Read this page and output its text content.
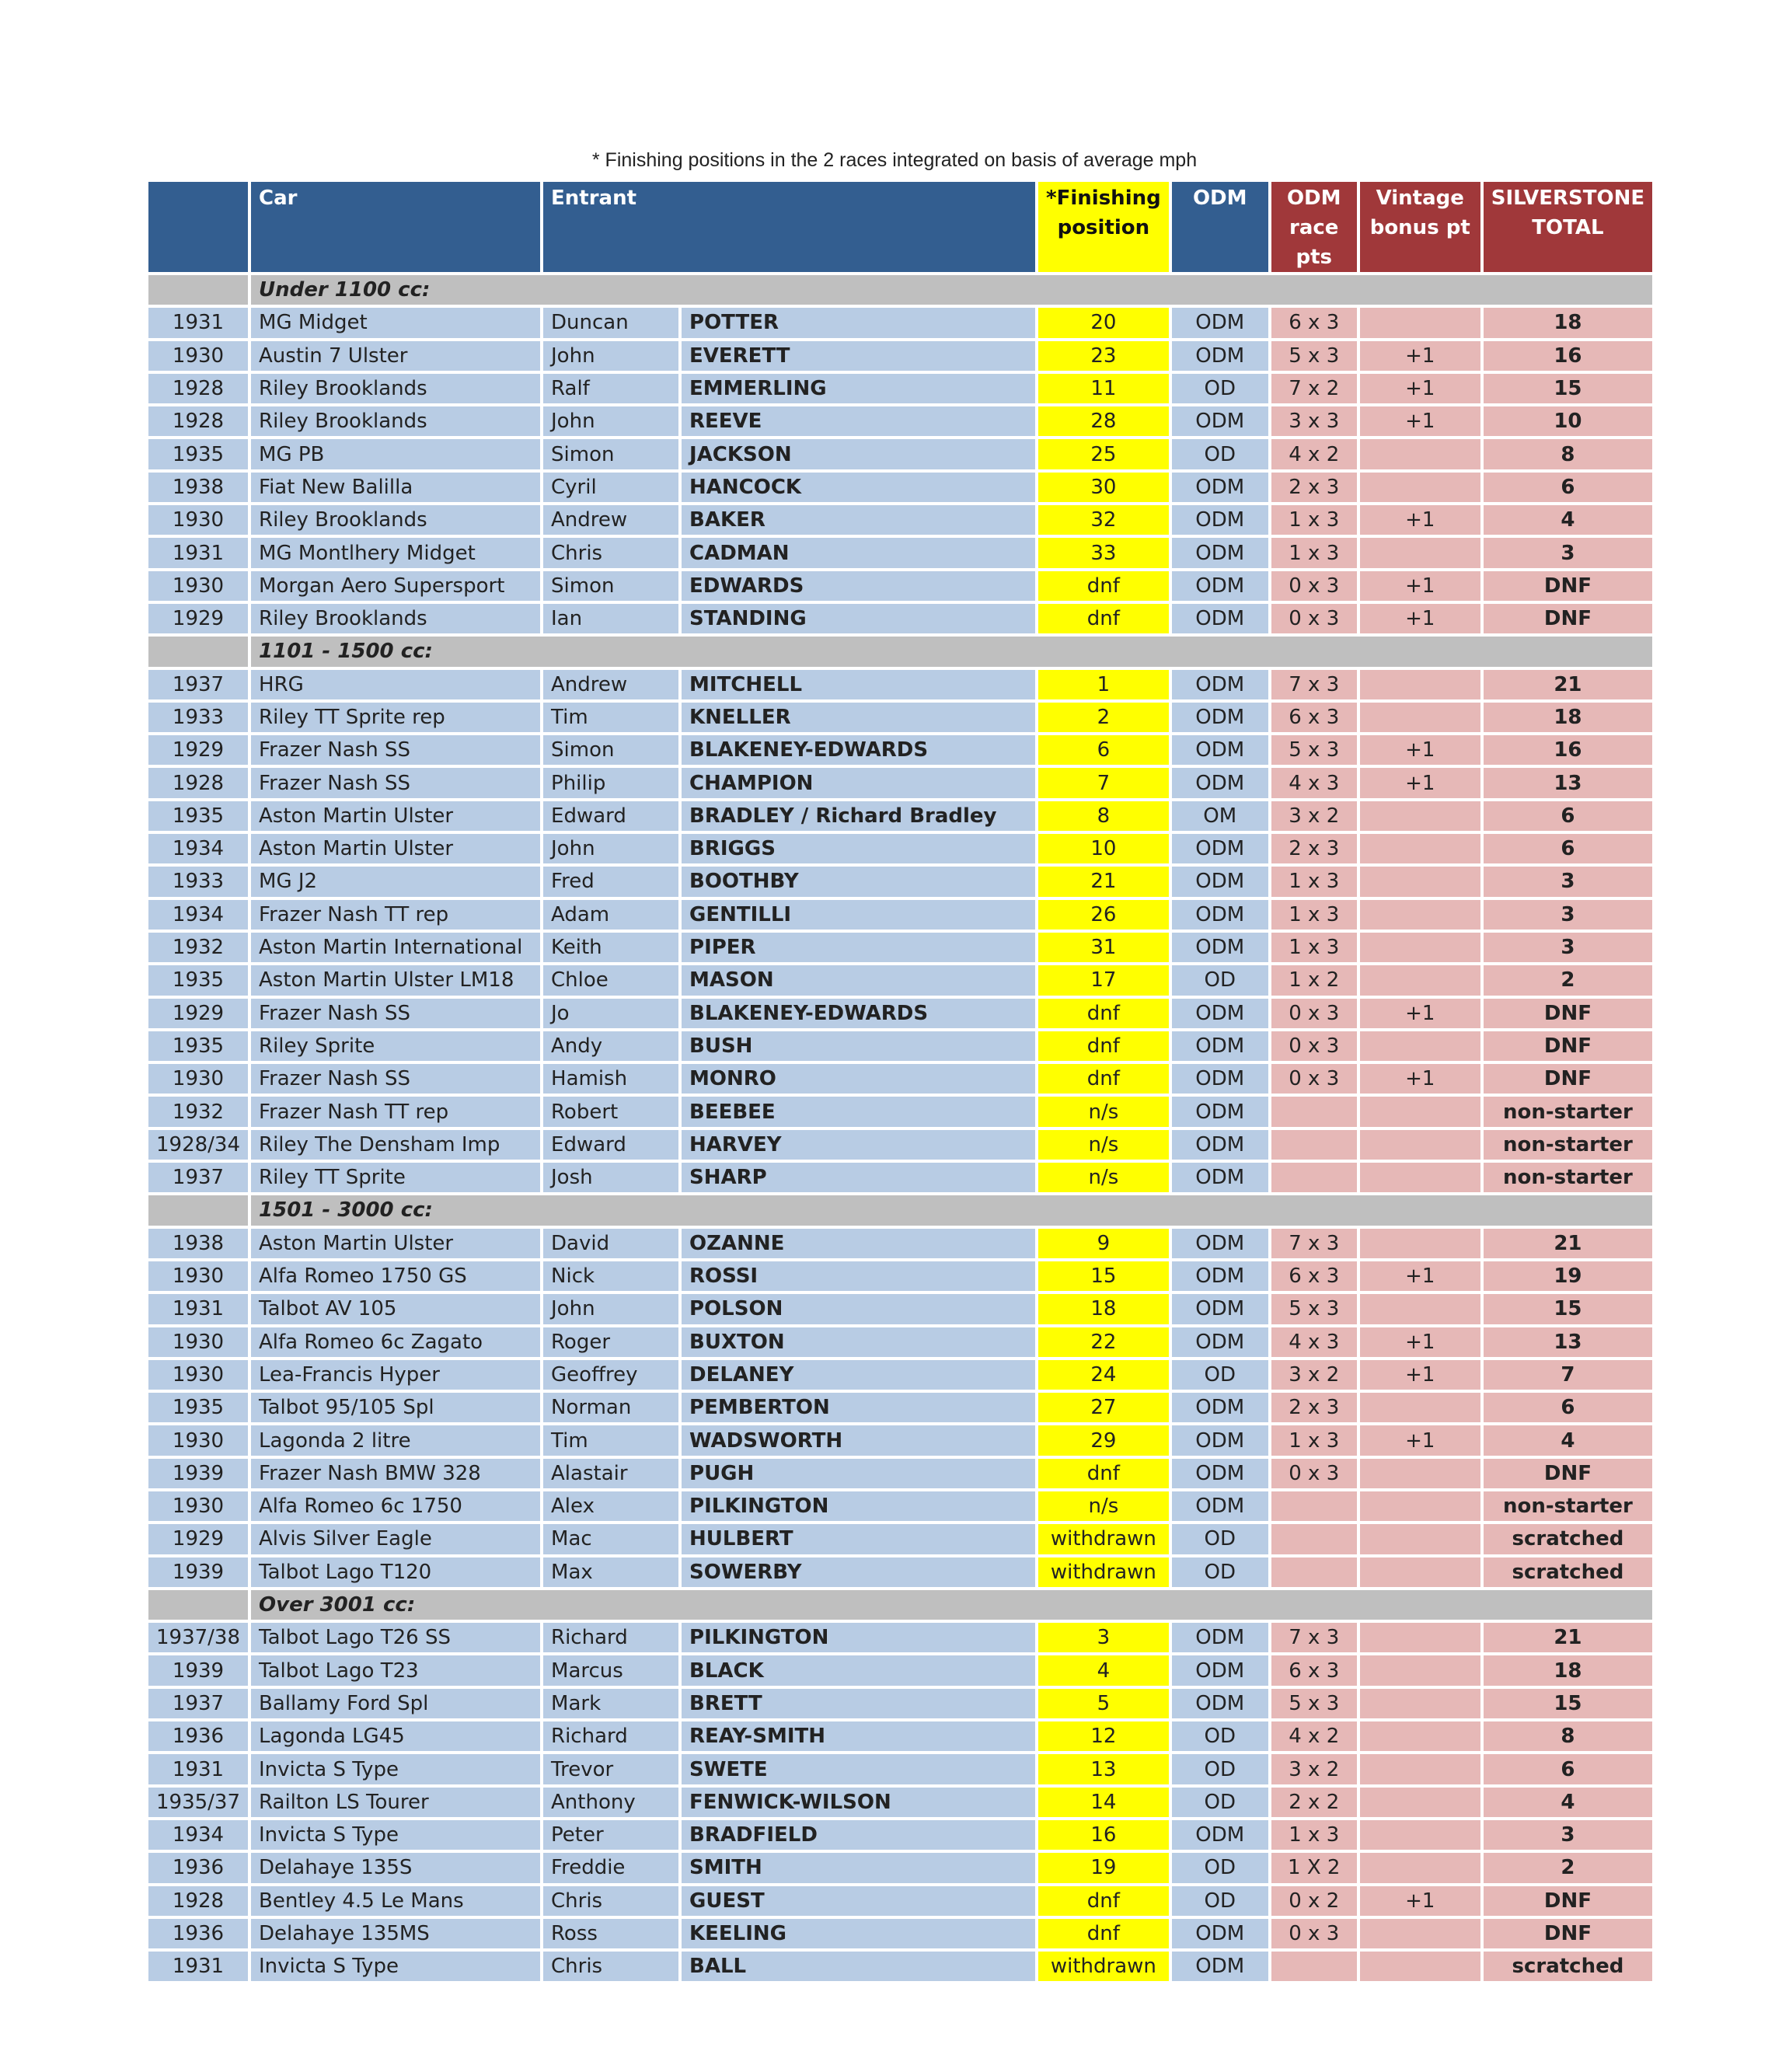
* Finishing positions in the 2 races integrated on basis of average mph
	Car	Entrant		*Finishing position	ODM	ODM race pts	Vintage bonus pt	SILVERSTONE TOTAL
	Under 1100 cc:							
1931	MG Midget	Duncan	POTTER	20	ODM	6 x 3		18
1930	Austin 7 Ulster	John	EVERETT	23	ODM	5 x 3	+1	16
1928	Riley Brooklands	Ralf	EMMERLING	11	OD	7 x 2	+1	15
1928	Riley Brooklands	John	REEVE	28	ODM	3 x 3	+1	10
1935	MG PB	Simon	JACKSON	25	OD	4 x 2		8
1938	Fiat New Balilla	Cyril	HANCOCK	30	ODM	2 x 3		6
1930	Riley Brooklands	Andrew	BAKER	32	ODM	1 x 3	+1	4
1931	MG Montlhery Midget	Chris	CADMAN	33	ODM	1 x 3		3
1930	Morgan Aero Supersport	Simon	EDWARDS	dnf	ODM	0 x 3	+1	DNF
1929	Riley Brooklands	Ian	STANDING	dnf	ODM	0 x 3	+1	DNF
	1101 - 1500 cc:							
1937	HRG	Andrew	MITCHELL	1	ODM	7 x 3		21
1933	Riley TT Sprite rep	Tim	KNELLER	2	ODM	6 x 3		18
1929	Frazer Nash SS	Simon	BLAKENEY-EDWARDS	6	ODM	5 x 3	+1	16
1928	Frazer Nash SS	Philip	CHAMPION	7	ODM	4 x 3	+1	13
1935	Aston Martin Ulster	Edward	BRADLEY / Richard Bradley	8	OM	3 x 2		6
1934	Aston Martin Ulster	John	BRIGGS	10	ODM	2 x 3		6
1933	MG J2	Fred	BOOTHBY	21	ODM	1 x 3		3
1934	Frazer Nash TT rep	Adam	GENTILLI	26	ODM	1 x 3		3
1932	Aston Martin International	Keith	PIPER	31	ODM	1 x 3		3
1935	Aston Martin Ulster LM18	Chloe	MASON	17	OD	1 x 2		2
1929	Frazer Nash SS	Jo	BLAKENEY-EDWARDS	dnf	ODM	0 x 3	+1	DNF
1935	Riley Sprite	Andy	BUSH	dnf	ODM	0 x 3		DNF
1930	Frazer Nash SS	Hamish	MONRO	dnf	ODM	0 x 3	+1	DNF
1932	Frazer Nash TT rep	Robert	BEEBEE	n/s	ODM			non-starter
1928/34	Riley The Densham Imp	Edward	HARVEY	n/s	ODM			non-starter
1937	Riley TT Sprite	Josh	SHARP	n/s	ODM			non-starter
	1501 - 3000 cc:							
1938	Aston Martin Ulster	David	OZANNE	9	ODM	7 x 3		21
1930	Alfa Romeo 1750 GS	Nick	ROSSI	15	ODM	6 x 3	+1	19
1931	Talbot AV 105	John	POLSON	18	ODM	5 x 3		15
1930	Alfa Romeo 6c Zagato	Roger	BUXTON	22	ODM	4 x 3	+1	13
1930	Lea-Francis Hyper	Geoffrey	DELANEY	24	OD	3 x 2	+1	7
1935	Talbot 95/105 Spl	Norman	PEMBERTON	27	ODM	2 x 3		6
1930	Lagonda 2 litre	Tim	WADSWORTH	29	ODM	1 x 3	+1	4
1939	Frazer Nash BMW 328	Alastair	PUGH	dnf	ODM	0 x 3		DNF
1930	Alfa Romeo 6c 1750	Alex	PILKINGTON	n/s	ODM			non-starter
1929	Alvis Silver Eagle	Mac	HULBERT	withdrawn	OD			scratched
1939	Talbot Lago T120	Max	SOWERBY	withdrawn	OD			scratched
	Over 3001 cc:							
1937/38	Talbot Lago T26 SS	Richard	PILKINGTON	3	ODM	7 x 3		21
1939	Talbot Lago T23	Marcus	BLACK	4	ODM	6 x 3		18
1937	Ballamy Ford Spl	Mark	BRETT	5	ODM	5 x 3		15
1936	Lagonda LG45	Richard	REAY-SMITH	12	OD	4 x 2		8
1931	Invicta S Type	Trevor	SWETE	13	OD	3 x 2		6
1935/37	Railton LS Tourer	Anthony	FENWICK-WILSON	14	OD	2 x 2		4
1934	Invicta S Type	Peter	BRADFIELD	16	ODM	1 x 3		3
1936	Delahaye 135S	Freddie	SMITH	19	OD	1 X 2		2
1928	Bentley 4.5 Le Mans	Chris	GUEST	dnf	OD	0 x 2	+1	DNF
1936	Delahaye 135MS	Ross	KEELING	dnf	ODM	0 x 3		DNF
1931	Invicta S Type	Chris	BALL	withdrawn	ODM			scratched
